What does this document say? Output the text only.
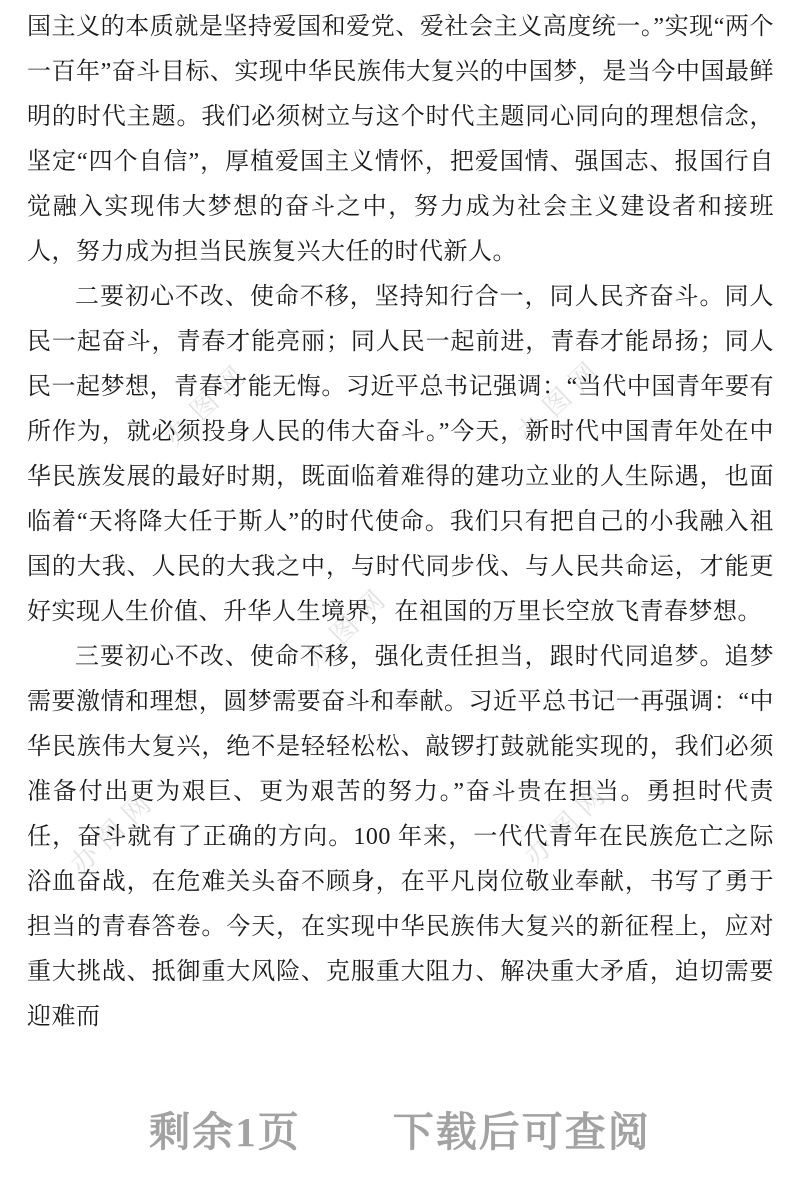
办图网	办图网
办图网
办图网	办图网

国主义的本质就是坚持爱国和爱党、爱社会主义高度统一。”实现“两个一百年”奋斗目标、实现中华民族伟大复兴的中国梦，是当今中国最鲜明的时代主题。我们必须树立与这个时代主题同心同向的理想信念，坚定“四个自信”，厚植爱国主义情怀，把爱国情、强国志、报国行自觉融入实现伟大梦想的奋斗之中，努力成为社会主义建设者和接班人，努力成为担当民族复兴大任的时代新人。

二要初心不改、使命不移，坚持知行合一，同人民齐奋斗。同人民一起奋斗，青春才能亮丽；同人民一起前进，青春才能昂扬；同人民一起梦想，青春才能无悔。习近平总书记强调：“当代中国青年要有所作为，就必须投身人民的伟大奋斗。”今天，新时代中国青年处在中华民族发展的最好时期，既面临着难得的建功立业的人生际遇，也面临着“天将降大任于斯人”的时代使命。我们只有把自己的小我融入祖国的大我、人民的大我之中，与时代同步伐、与人民共命运，才能更好实现人生价值、升华人生境界，在祖国的万里长空放飞青春梦想。

三要初心不改、使命不移，强化责任担当，跟时代同追梦。追梦需要激情和理想，圆梦需要奋斗和奉献。习近平总书记一再强调：“中华民族伟大复兴，绝不是轻轻松松、敲锣打鼓就能实现的，我们必须准备付出更为艰巨、更为艰苦的努力。”奋斗贵在担当。勇担时代责任，奋斗就有了正确的方向。100 年来，一代代青年在民族危亡之际浴血奋战，在危难关头奋不顾身，在平凡岗位敬业奉献，书写了勇于担当的青春答卷。今天，在实现中华民族伟大复兴的新征程上，应对重大挑战、抵御重大风险、克服重大阻力、解决重大矛盾，迫切需要迎难而

剩余1页 下载后可查阅
